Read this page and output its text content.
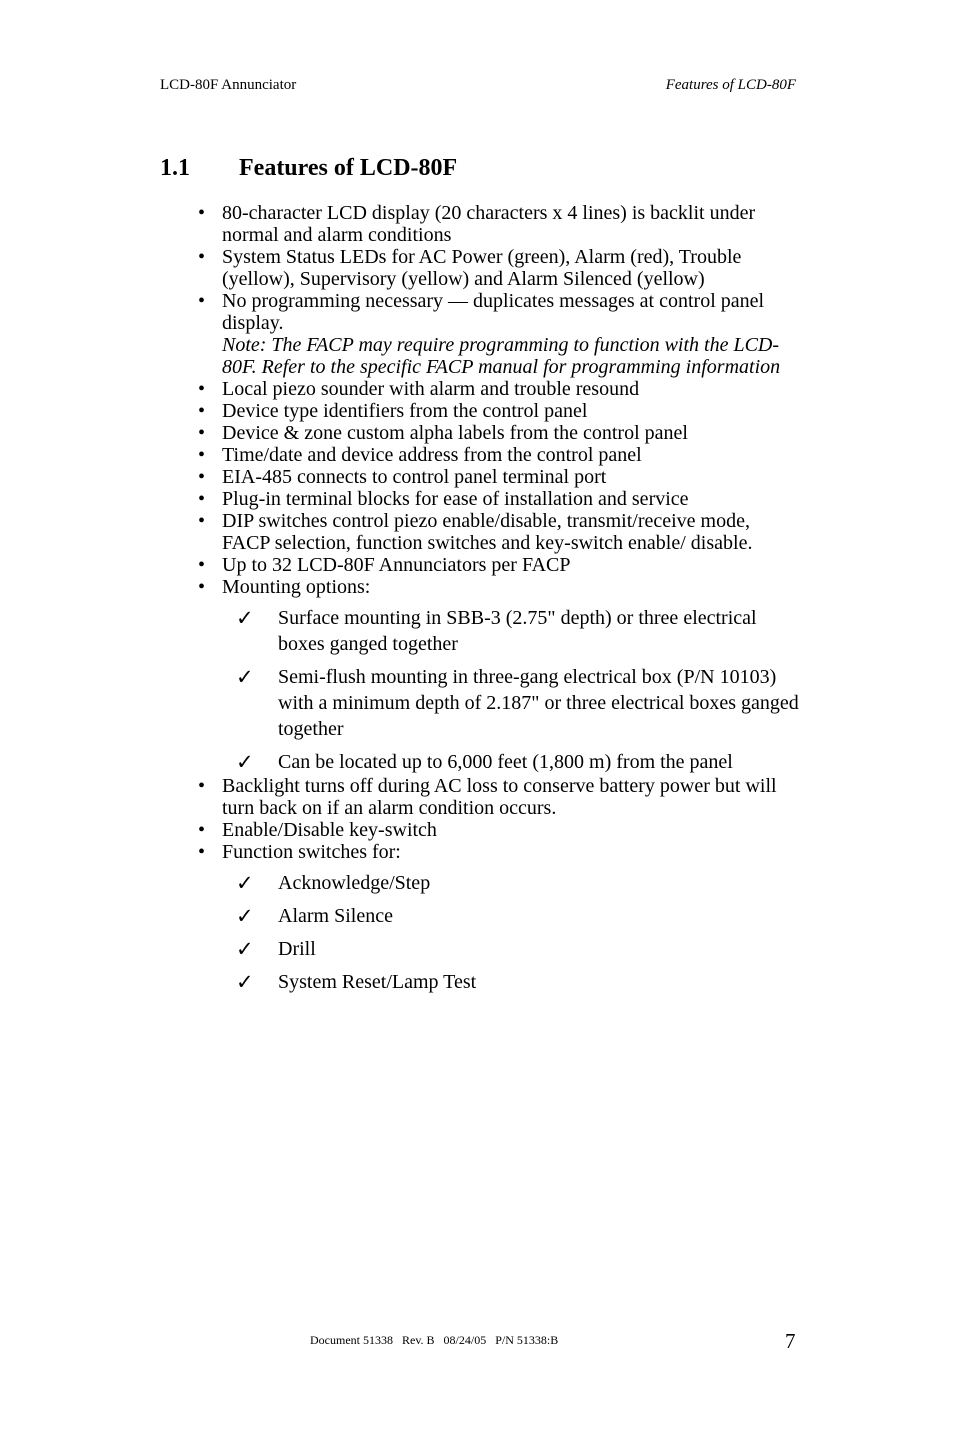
LCD-80F Annunciator	Features of LCD-80F
1.1 Features of LCD-80F
• 80-character LCD display (20 characters x 4 lines) is backlit under normal and alarm conditions
• System Status LEDs for AC Power (green), Alarm (red), Trouble (yellow), Supervisory (yellow) and Alarm Silenced (yellow)
• No programming necessary — duplicates messages at control panel display.
Note: The FACP may require programming to function with the LCD-80F. Refer to the specific FACP manual for programming information
• Local piezo sounder with alarm and trouble resound
• Device type identifiers from the control panel
• Device & zone custom alpha labels from the control panel
• Time/date and device address from the control panel
• EIA-485 connects to control panel terminal port
• Plug-in terminal blocks for ease of installation and service
• DIP switches control piezo enable/disable, transmit/receive mode, FACP selection, function switches and key-switch enable/ disable.
• Up to 32 LCD-80F Annunciators per FACP
• Mounting options:
✓ Surface mounting in SBB-3 (2.75" depth) or three electrical boxes ganged together
✓ Semi-flush mounting in three-gang electrical box (P/N 10103) with a minimum depth of 2.187" or three electrical boxes ganged together
✓ Can be located up to 6,000 feet (1,800 m) from the panel
• Backlight turns off during AC loss to conserve battery power but will turn back on if an alarm condition occurs.
• Enable/Disable key-switch
• Function switches for:
✓ Acknowledge/Step
✓ Alarm Silence
✓ Drill
✓ System Reset/Lamp Test
Document 51338   Rev. B   08/24/05   P/N 51338:B	7
